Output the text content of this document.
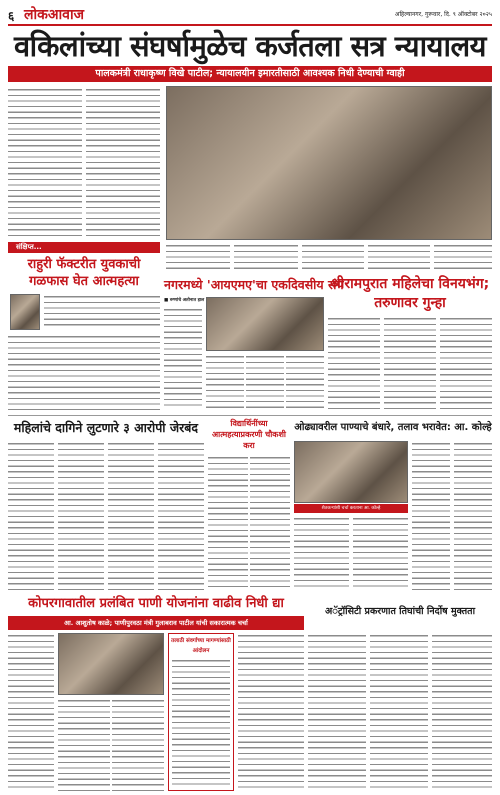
६ लोकआवाज	अहिल्यानगर, गुरूवार, दि. ९ ऑक्टोबर २०२५
वकिलांच्या संघर्षामुळेच कर्जतला सत्र न्यायालय
पालकमंत्री राधाकृष्ण विखे पाटील; न्यायालयीन इमारतीसाठी आवश्यक निधी देण्याची ग्वाही
संक्षिप्त...
राहुरी फॅक्टरीत युवकाची गळफास घेत आत्महत्या	नगरमध्ये 'आयएमए'चा एकदिवसीय संप
■ रुग्णांचे अतोनात हाल
श्रीरामपुरात महिलेचा विनयभंग; तरुणावर गुन्हा
महिलांचे दागिने लुटणारे ३ आरोपी जेरबंद	विद्यार्थिनींच्या आत्महत्याप्रकरणी चौकशी करा
ओढ्यावरील पाण्याचे बंधारे, तलाव भरावेत: आ. कोल्हे
शेतकऱ्यांशी चर्चा करताना आ. कोल्हे
कोपरगावातील प्रलंबित पाणी योजनांना वाढीव निधी द्या
आ. आशुतोष काळे; पाणीपुरवठा मंत्री गुलाबराव पाटील यांची सकारात्मक चर्चा
तलाठी संवर्गाच्या मागण्यांसाठी आंदोलन
अॅट्रॉसिटी प्रकरणात तिघांची निर्दोष मुक्तता
